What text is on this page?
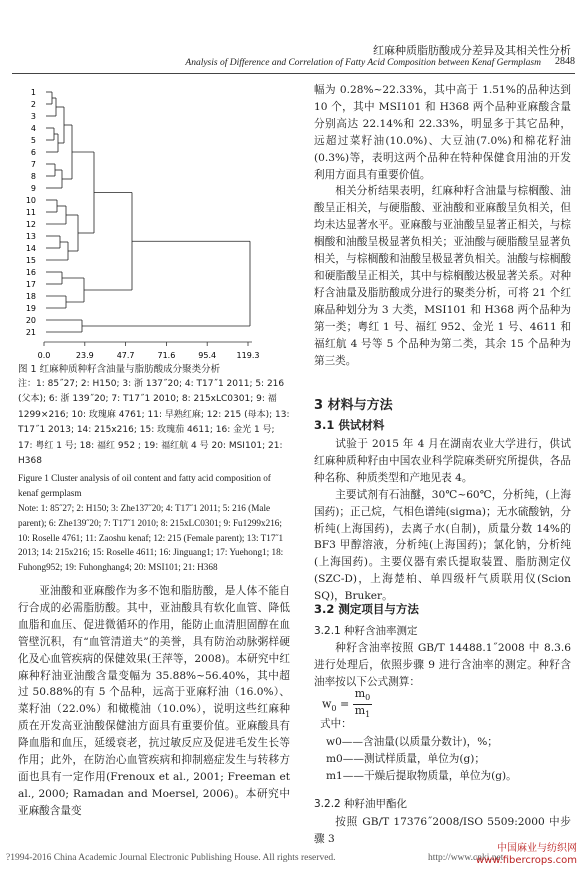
红麻种质脂肪酸成分差异及其相关性分析
Analysis of Difference and Correlation of Fatty Acid Composition between Kenaf Germplasm 2848
1
2
3
4
5
6
7
8
9
10
11
12
13
14
15
16
17
18
19
20
21
0.0	23.9	47.7	71.6	95.4	119.3

图 1 红麻种质种籽含油量与脂肪酸成分聚类分析

注：1: 85˝27; 2: H150; 3: 浙 137˝20; 4: T17˝1 2011; 5: 216 (父本); 6: 浙 139˝20; 7: T17˝1 2010; 8: 215xLC0301; 9: 福 1299×216; 10: 玫瑰麻 4761; 11: 早熟红麻; 12: 215 (母本); 13: T17˝1 2013; 14: 215x216; 15: 玫瑰茄 4611; 16: 金光 1 号; 17: 粤红 1 号; 18: 福红 952 ; 19: 福红航 4 号 20: MSI101; 21: H368

Figure 1 Cluster analysis of oil content and fatty acid composition of kenaf germplasm

Note: 1: 85˝27; 2: H150; 3: Zhe137˝20; 4: T17˝1 2011; 5: 216 (Male parent); 6: Zhe139˝20; 7: T17˝1 2010; 8: 215xLC0301; 9: Fu1299x216; 10: Roselle 4761; 11: Zaoshu kenaf; 12: 215 (Female parent); 13: T17˝1 2013; 14: 215x216; 15: Roselle 4611; 16: Jinguang1; 17: Yuehong1; 18: Fuhong952; 19: Fuhonghang4; 20: MSI101; 21: H368

亚油酸和亚麻酸作为多不饱和脂肪酸，是人体不能自行合成的必需脂肪酸。其中，亚油酸具有软化血管、降低血脂和血压、促进微循环的作用，能防止血清胆固醇在血管壁沉积，有“血管清道夫”的美誉，具有防治动脉粥样硬化及心血管疾病的保健效果(王萍等，2008)。本研究中红麻种籽油亚油酸含量变幅为 35.88%~56.40%，其中超过 50.88%的有 5 个品种，远高于亚麻籽油（16.0%）、菜籽油（22.0%）和橄榄油（10.0%），说明这些红麻种质在开发高亚油酸保健油方面具有重要价值。亚麻酸具有降血脂和血压，延缓衰老，抗过敏反应及促进毛发生长等作用；此外，在防治心血管疾病和抑制癌症发生与转移方面也具有一定作用(Frenoux et al., 2001; Freeman et al., 2000; Ramadan and Moersel, 2006)。本研究中亚麻酸含量变

幅为 0.28%~22.33%，其中高于 1.51%的品种达到 10 个，其中 MSI101 和 H368 两个品种亚麻酸含量分别高达 22.14%和 22.33%，明显多于其它品种，远超过菜籽油(10.0%)、大豆油(7.0%)和棉花籽油(0.3%)等，表明这两个品种在特种保健食用油的开发利用方面具有重要价值。

相关分析结果表明，红麻种籽含油量与棕榈酸、油酸呈正相关，与硬脂酸、亚油酸和亚麻酸呈负相关，但均未达显著水平。亚麻酸与亚油酸呈显著正相关，与棕榈酸和油酸呈极显著负相关；亚油酸与硬脂酸呈显著负相关，与棕榈酸和油酸呈极显著负相关。油酸与棕榈酸和硬脂酸呈正相关，其中与棕榈酸达极显著关系。对种籽含油量及脂肪酸成分进行的聚类分析，可将 21 个红麻品种划分为 3 大类，MSI101 和 H368 两个品种为第一类；粤红 1 号、福红 952、金光 1 号、4611 和福红航 4 号等 5 个品种为第二类，其余 15 个品种为第三类。

3 材料与方法
3.1 供试材料

试验于 2015 年 4 月在湖南农业大学进行，供试红麻种质种籽由中国农业科学院麻类研究所提供，各品种名称、种质类型和产地见表 4。

主要试剂有石油醚，30℃~60℃，分析纯，(上海国药)；正己烷，气相色谱纯(sigma)；无水硫酸钠，分析纯(上海国药)，去离子水(自制)，质量分数 14%的 BF3 甲醇溶液，分析纯(上海国药)；氯化钠，分析纯(上海国药)。主要仪器有索氏提取装置、脂肪测定仪(SZC-D)，上海楚柏、单四级杆气质联用仪(Scion SQ)，Bruker。

3.2 测定项目与方法
3.2.1 种籽含油率测定

种籽含油率按照 GB/T 14488.1˝2008 中 8.3.6 进行处理后，依照步骤 9 进行含油率的测定。种籽含油率按以下公式测算：

$w_0 = \frac{m_0}{m_1}$
式中：
w0——含油量(以质量分数计)，%；
m0——测试样质量，单位为(g)；
m1——干燥后提取物质量，单位为(g)。
3.2.2 种籽油甲酯化

按照 GB/T 17376˝2008/ISO 5509:2000 中步骤 3

?1994-2016 China Academic Journal Electronic Publishing House. All rights reserved.	http://www.cnki.net
中国麻业与纺织网
www.fibercrops.com
